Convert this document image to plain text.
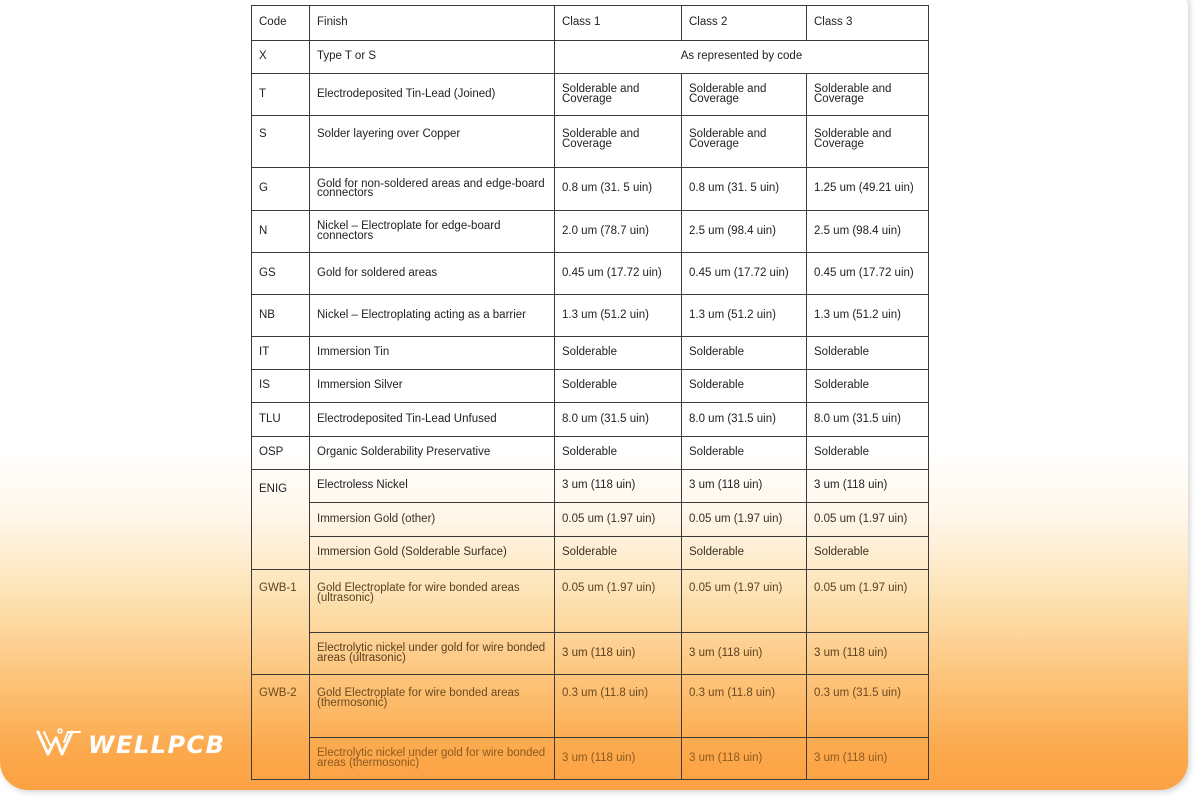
Code	Finish	Class 1	Class 2	Class 3
X	Type T or S	As represented by code		
T	Electrodeposited Tin-Lead (Joined)	Solderable and Coverage	Solderable and Coverage	Solderable and Coverage
S	Solder layering over Copper	Solderable and Coverage	Solderable and Coverage	Solderable and Coverage
G	Gold for non-soldered areas and edge-board connectors	0.8 um (31. 5 uin)	0.8 um (31. 5 uin)	1.25 um (49.21 uin)
N	Nickel – Electroplate for edge-board connectors	2.0 um (78.7 uin)	2.5 um (98.4 uin)	2.5 um (98.4 uin)
GS	Gold for soldered areas	0.45 um (17.72 uin)	0.45 um (17.72 uin)	0.45 um (17.72 uin)
NB	Nickel – Electroplating acting as a barrier	1.3 um (51.2 uin)	1.3 um (51.2 uin)	1.3 um (51.2 uin)
IT	Immersion Tin	Solderable	Solderable	Solderable
IS	Immersion Silver	Solderable	Solderable	Solderable
TLU	Electrodeposited Tin-Lead Unfused	8.0 um (31.5 uin)	8.0 um (31.5 uin)	8.0 um (31.5 uin)
OSP	Organic Solderability Preservative	Solderable	Solderable	Solderable
ENIG	Electroless Nickel	3 um (118 uin)	3 um (118 uin)	3 um (118 uin)
	Immersion Gold (other)	0.05 um (1.97 uin)	0.05 um (1.97 uin)	0.05 um (1.97 uin)
	Immersion Gold (Solderable Surface)	Solderable	Solderable	Solderable
GWB-1	Gold Electroplate for wire bonded areas (ultrasonic)	0.05 um (1.97 uin)	0.05 um (1.97 uin)	0.05 um (1.97 uin)
	Electrolytic nickel under gold for wire bonded areas (ultrasonic)	3 um (118 uin)	3 um (118 uin)	3 um (118 uin)
GWB-2	Gold Electroplate for wire bonded areas (thermosonic)	0.3 um (11.8 uin)	0.3 um (11.8 uin)	0.3 um (31.5 uin)
	Electrolytic nickel under gold for wire bonded areas (thermosonic)	3 um (118 uin)	3 um (118 uin)	3 um (118 uin)
WELLPCB
